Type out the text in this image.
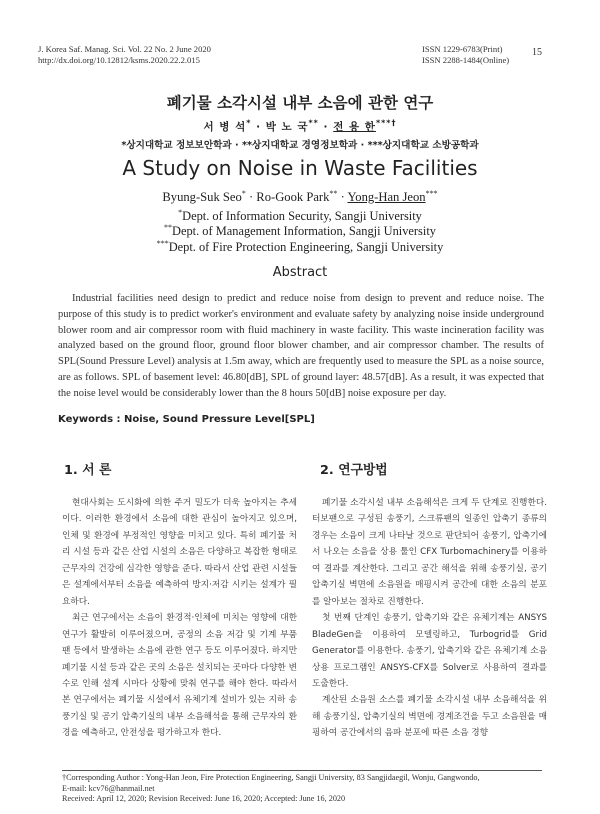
J. Korea Saf. Manag. Sci. Vol. 22 No. 2 June 2020
http://dx.doi.org/10.12812/ksms.2020.22.2.015
ISSN 1229-6783(Print)
ISSN 2288-1484(Online)
15
폐기물 소각시설 내부 소음에 관한 연구
서 병 석* · 박 노 국** · 전 용 한***†
*상지대학교 정보보안학과 · **상지대학교 경영정보학과 · ***상지대학교 소방공학과
A Study on Noise in Waste Facilities
Byung-Suk Seo* · Ro-Gook Park** · Yong-Han Jeon***
*Dept. of Information Security, Sangji University
**Dept. of Management Information, Sangji University
***Dept. of Fire Protection Engineering, Sangji University
Abstract
Industrial facilities need design to predict and reduce noise from design to prevent and reduce noise. The purpose of this study is to predict worker's environment and evaluate safety by analyzing noise inside underground blower room and air compressor room with fluid machinery in waste facility. This waste incineration facility was analyzed based on the ground floor, ground floor blower chamber, and air compressor chamber. The results of SPL(Sound Pressure Level) analysis at 1.5m away, which are frequently used to measure the SPL as a noise source, are as follows. SPL of basement level: 46.80[dB], SPL of ground layer: 48.57[dB]. As a result, it was expected that the noise level would be considerably lower than the 8 hours 50[dB] noise exposure per day.
Keywords : Noise, Sound Pressure Level[SPL]
1. 서 론	2. 연구방법

현대사회는 도시화에 의한 주거 밀도가 더욱 높아지는 추세이다. 이러한 환경에서 소음에 대한 관심이 높아지고 있으며, 인체 및 환경에 부정적인 영향을 미치고 있다. 특히 폐기물 처리 시설 등과 같은 산업 시설의 소음은 다양하고 복잡한 형태로 근무자의 건강에 심각한 영향을 준다. 따라서 산업 관련 시설들은 설계에서부터 소음을 예측하여 방지·저감 시키는 설계가 필요하다.

최근 연구에서는 소음이 환경적·인체에 미치는 영향에 대한 연구가 활발히 이루어졌으며, 공정의 소음 저감 및 기계 부품 팬 등에서 발생하는 소음에 관한 연구 등도 이루어졌다. 하지만 폐기물 시설 등과 같은 곳의 소음은 설치되는 곳마다 다양한 변수로 인해 설계 시마다 상황에 맞춰 연구를 해야 한다. 따라서 본 연구에서는 폐기물 시설에서 유체기계 설비가 있는 지하 송풍기실 및 공기 압축기실의 내부 소음해석을 통해 근무자의 환경을 예측하고, 안전성을 평가하고자 한다.

폐기물 소각시설 내부 소음해석은 크게 두 단계로 진행한다. 터보팬으로 구성된 송풍기, 스크류팬의 일종인 압축기 종류의 경우는 소음이 크게 나타날 것으로 판단되어 송풍기, 압축기에서 나오는 소음을 상용 툴인 CFX Turbomachinery를 이용하여 결과를 계산한다. 그리고 공간 해석을 위해 송풍기실, 공기 압축기실 벽면에 소음원을 매핑시켜 공간에 대한 소음의 분포를 알아보는 절차로 진행한다.

첫 번째 단계인 송풍기, 압축기와 같은 유체기계는 ANSYS BladeGen을 이용하여 모델링하고, Turbogrid를 Grid Generator를 이용한다. 송풍기, 압축기와 같은 유체기계 소음 상용 프로그램인 ANSYS-CFX를 Solver로 사용하여 결과를 도출한다.

계산된 소음원 소스를 폐기물 소각시설 내부 소음해석을 위해 송풍기실, 압축기실의 벽면에 경계조건을 두고 소음원을 매핑하여 공간에서의 음파 분포에 따른 소음 경향

†Corresponding Author : Yong-Han Jeon, Fire Protection Engineering, Sangji University, 83 Sangjidaegil, Wonju, Gangwondo,
E-mail: kcv76@hanmail.net
Received: April 12, 2020; Revision Received: June 16, 2020; Accepted: June 16, 2020
